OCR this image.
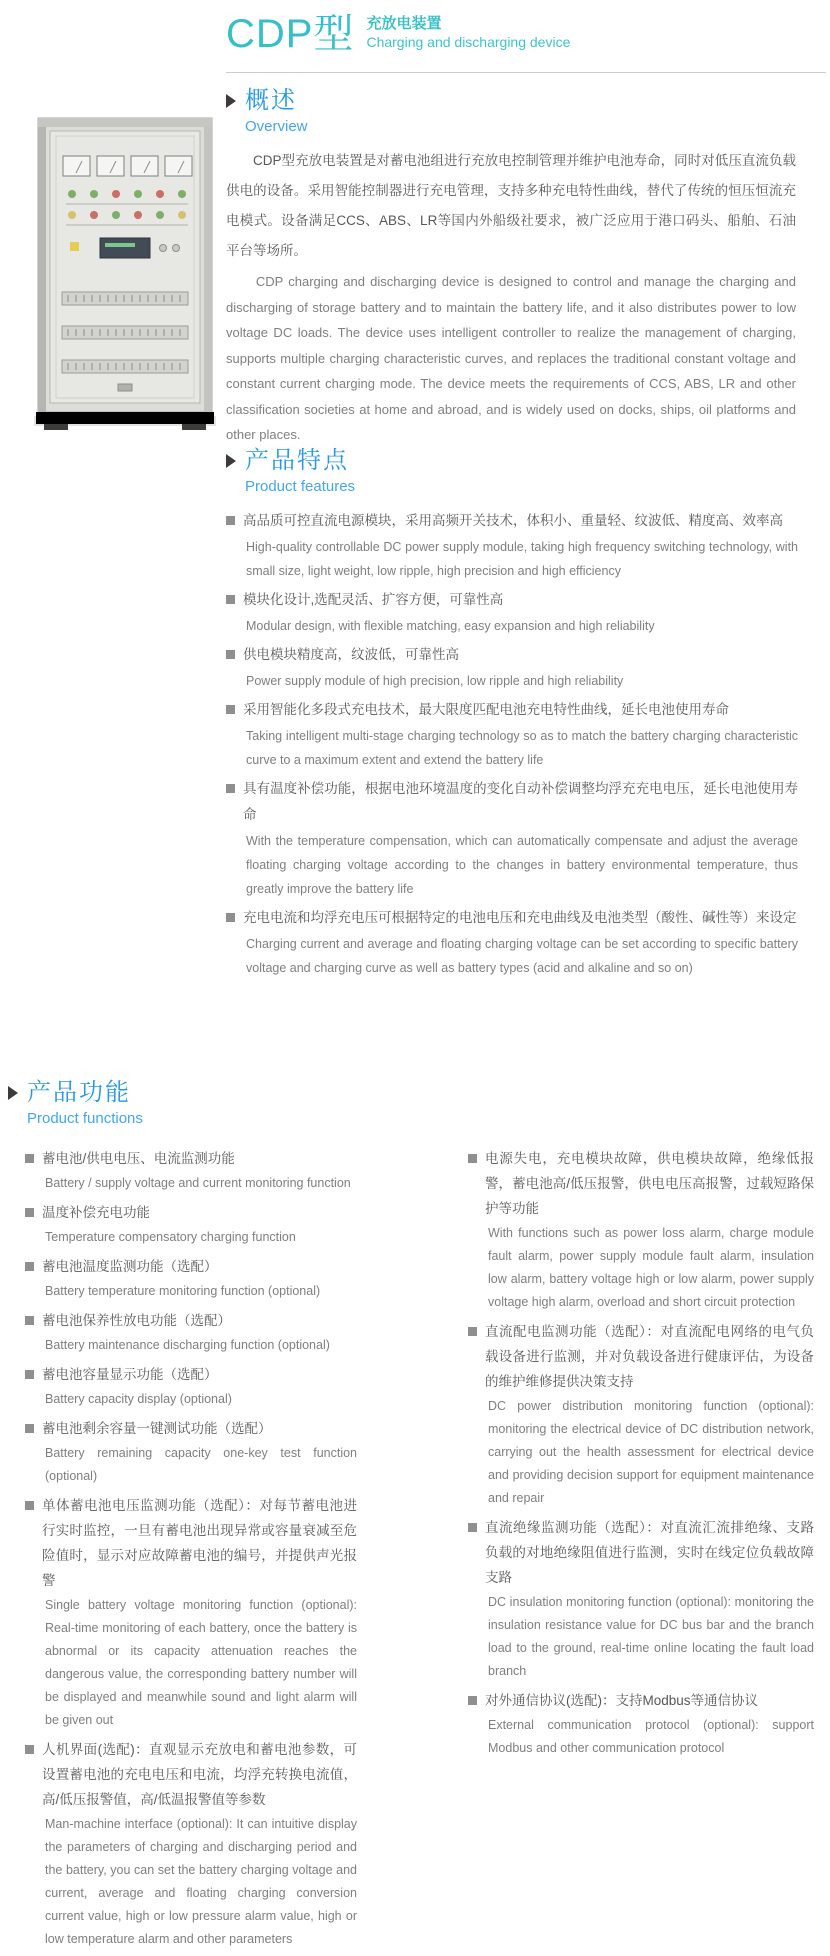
CDP型 充放电装置
Charging and discharging device
概述
Overview
CDP型充放电装置是对蓄电池组进行充放电控制管理并维护电池寿命，同时对低压直流负载供电的设备。采用智能控制器进行充电管理，支持多种充电特性曲线，替代了传统的恒压恒流充电模式。设备满足CCS、ABS、LR等国内外船级社要求，被广泛应用于港口码头、船舶、石油平台等场所。
CDP charging and discharging device is designed to control and manage the charging and discharging of storage battery and to maintain the battery life, and it also distributes power to low voltage DC loads. The device uses intelligent controller to realize the management of charging, supports multiple charging characteristic curves, and replaces the traditional constant voltage and constant current charging mode. The device meets the requirements of CCS, ABS, LR and other classification societies at home and abroad, and is widely used on docks, ships, oil platforms and other places.
产品特点
Product features
高品质可控直流电源模块，采用高频开关技术，体积小、重量轻、纹波低、精度高、效率高
High-quality controllable DC power supply module, taking high frequency switching technology, with small size, light weight, low ripple, high precision and high efficiency
模块化设计,选配灵活、扩容方便，可靠性高
Modular design, with flexible matching, easy expansion and high reliability
供电模块精度高，纹波低，可靠性高
Power supply module of high precision, low ripple and high reliability
采用智能化多段式充电技术，最大限度匹配电池充电特性曲线，延长电池使用寿命
Taking intelligent multi-stage charging technology so as to match the battery charging characteristic curve to a maximum extent and extend the battery life
具有温度补偿功能，根据电池环境温度的变化自动补偿调整均浮充充电电压，延长电池使用寿命
With the temperature compensation, which can automatically compensate and adjust the average floating charging voltage according to the changes in battery environmental temperature, thus greatly improve the battery life
充电电流和均浮充电压可根据特定的电池电压和充电曲线及电池类型（酸性、碱性等）来设定
Charging current and average and floating charging voltage can be set according to specific battery voltage and charging curve as well as battery types (acid and alkaline and so on)
产品功能
Product functions
蓄电池/供电电压、电流监测功能
Battery / supply voltage and current monitoring function
温度补偿充电功能
Temperature compensatory charging function
蓄电池温度监测功能（选配）
Battery temperature monitoring function (optional)
蓄电池保养性放电功能（选配）
Battery maintenance discharging function (optional)
蓄电池容量显示功能（选配）
Battery capacity display (optional)
蓄电池剩余容量一键测试功能（选配）
Battery remaining capacity one-key test function (optional)
单体蓄电池电压监测功能（选配）：对每节蓄电池进行实时监控，一旦有蓄电池出现异常或容量衰减至危险值时，显示对应故障蓄电池的编号，并提供声光报警
Single battery voltage monitoring function (optional): Real-time monitoring of each battery, once the battery is abnormal or its capacity attenuation reaches the dangerous value, the corresponding battery number will be displayed and meanwhile sound and light alarm will be given out
人机界面(选配)：直观显示充放电和蓄电池参数，可设置蓄电池的充电电压和电流，均浮充转换电流值，高/低压报警值，高/低温报警值等参数
Man-machine interface (optional): It can intuitive display the parameters of charging and discharging period and the battery, you can set the battery charging voltage and current, average and floating charging conversion current value, high or low pressure alarm value, high or low temperature alarm and other parameters
电源失电，充电模块故障，供电模块故障，绝缘低报警，蓄电池高/低压报警，供电电压高报警，过载短路保护等功能
With functions such as power loss alarm, charge module fault alarm, power supply module fault alarm, insulation low alarm, battery voltage high or low alarm, power supply voltage high alarm, overload and short circuit protection
直流配电监测功能（选配）：对直流配电网络的电气负载设备进行监测，并对负载设备进行健康评估，为设备的维护维修提供决策支持
DC power distribution monitoring function (optional): monitoring the electrical device of DC distribution network, carrying out the health assessment for electrical device and providing decision support for equipment maintenance and repair
直流绝缘监测功能（选配）：对直流汇流排绝缘、支路负载的对地绝缘阻值进行监测，实时在线定位负载故障支路
DC insulation monitoring function (optional): monitoring the insulation resistance value for DC bus bar and the branch load to the ground, real-time online locating the fault load branch
对外通信协议(选配)：支持Modbus等通信协议
External communication protocol (optional): support Modbus and other communication protocol
